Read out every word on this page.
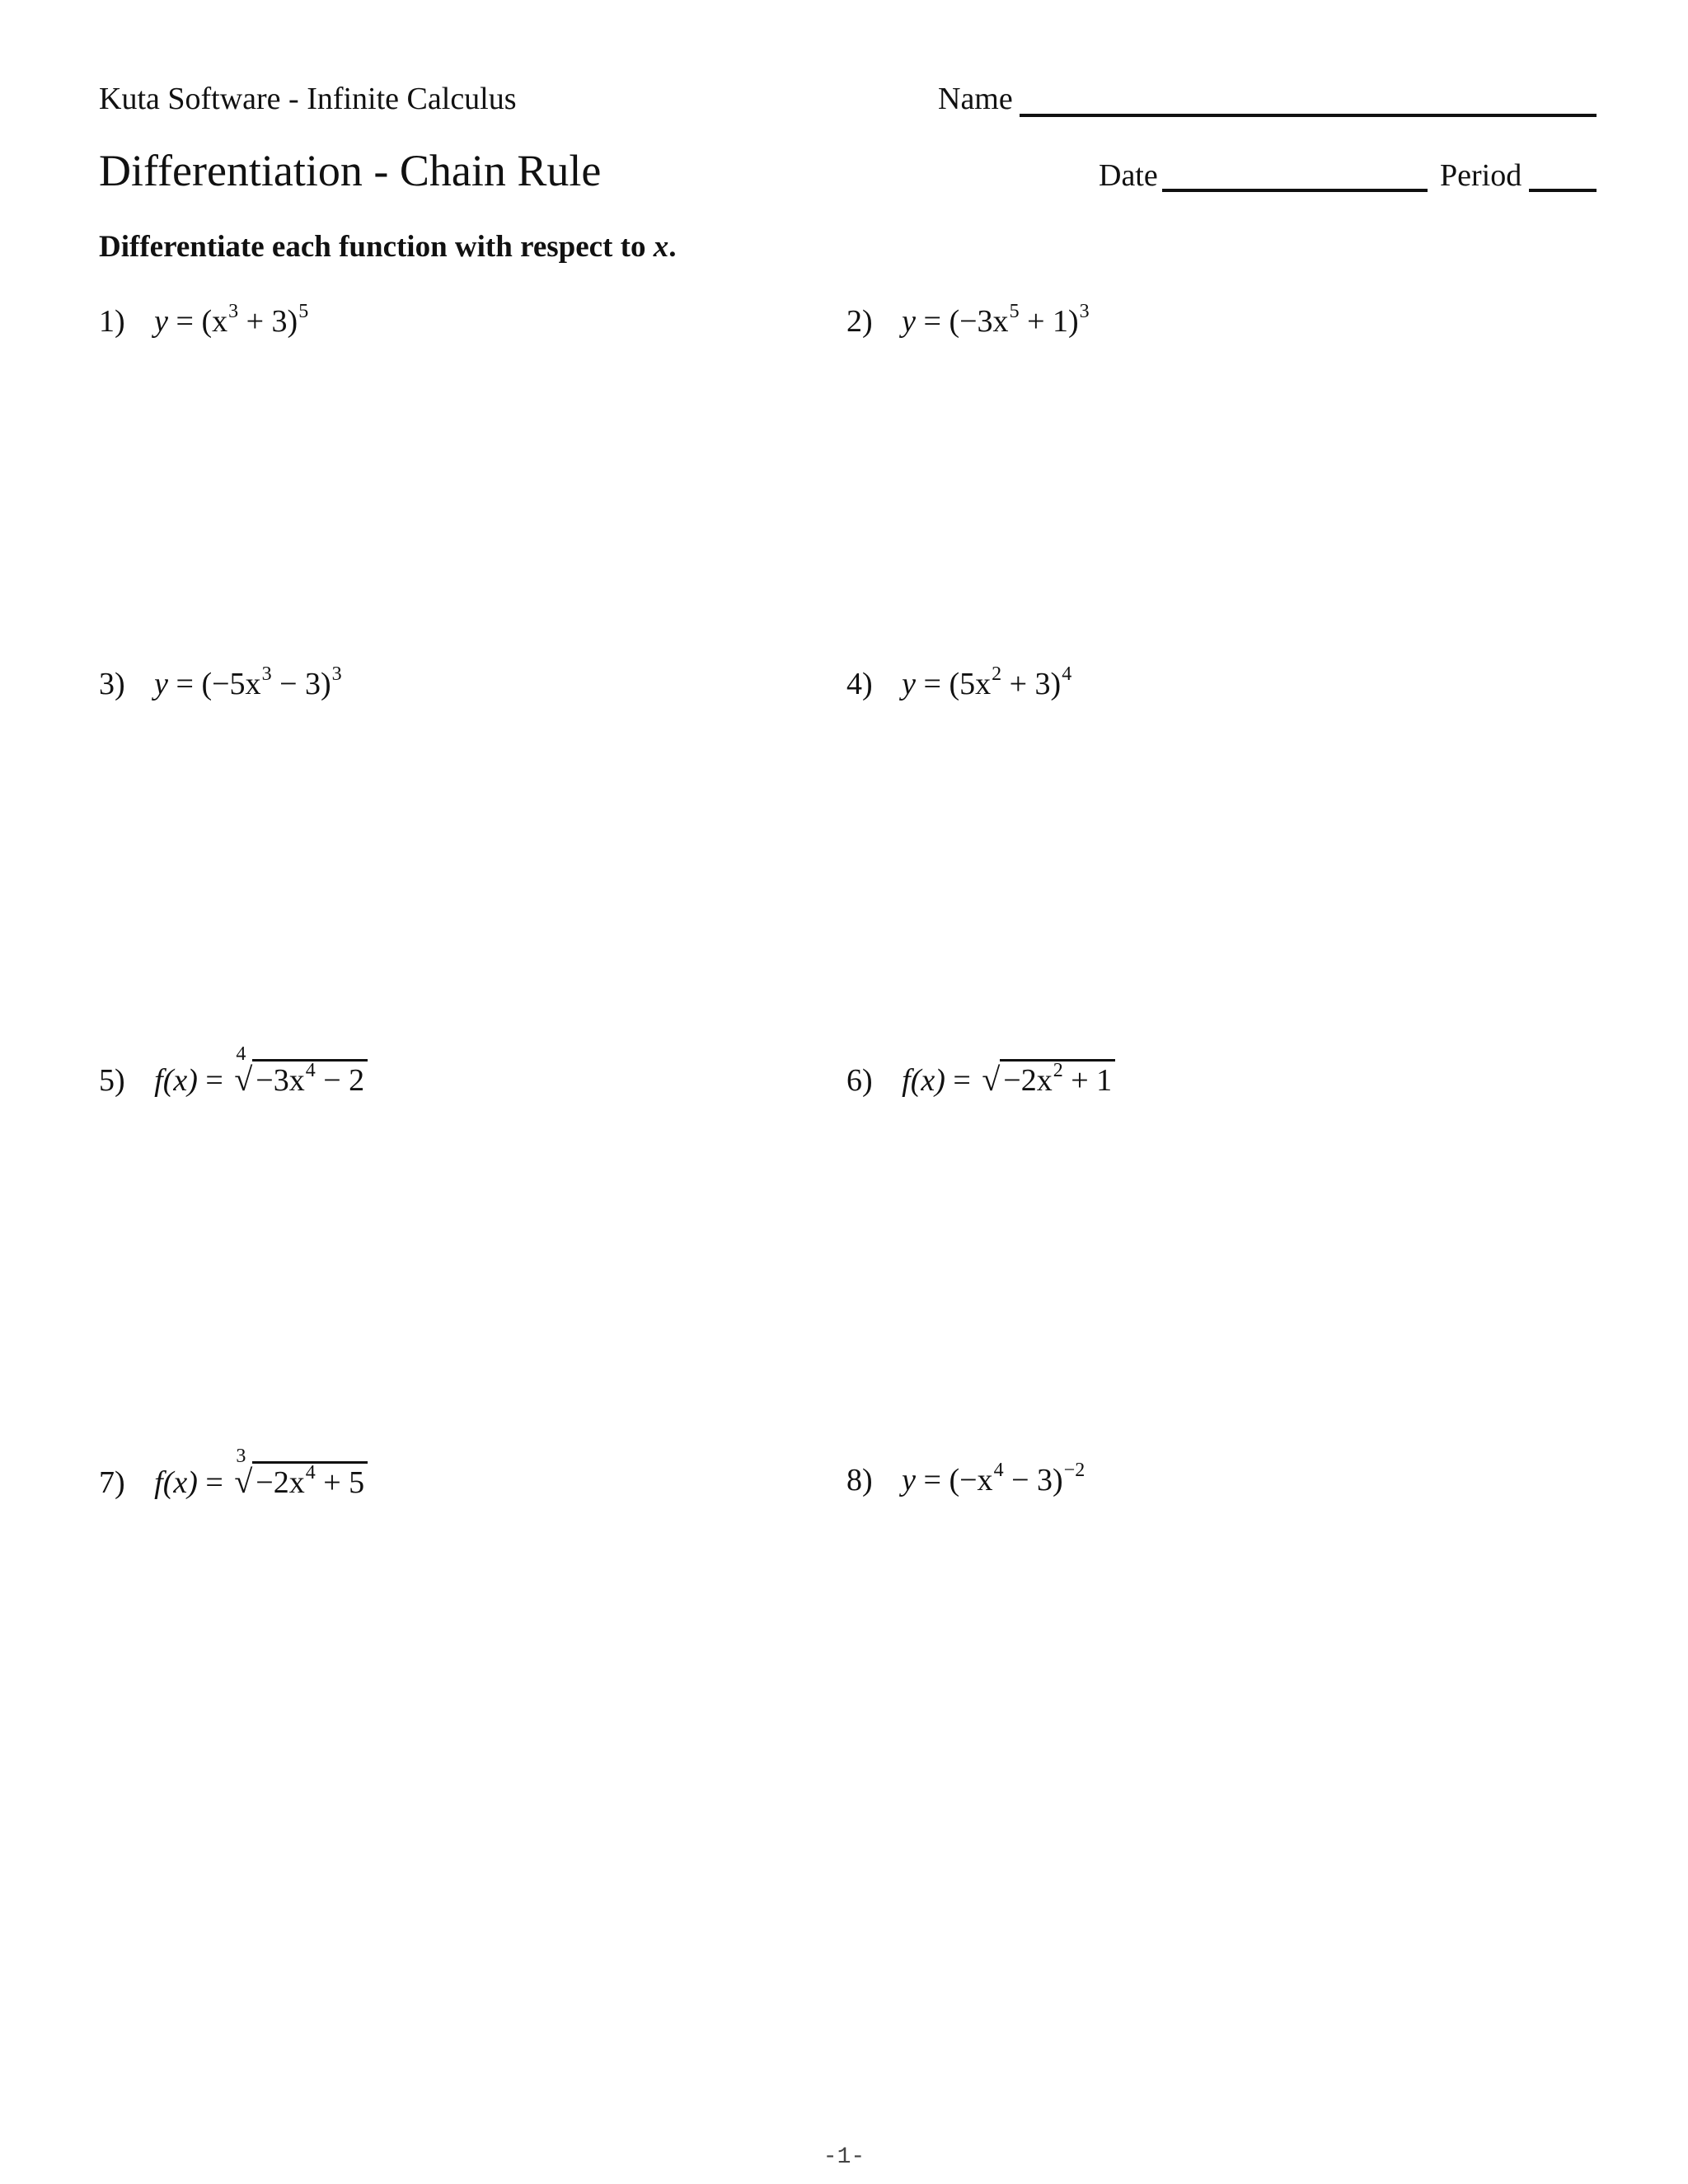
Kuta Software - Infinite Calculus
Differentiation - Chain Rule
Name
Date	Period
Differentiate each function with respect to x.
1) $y = (x^3 + 3)^5$	2) $y = (-3x^5 + 1)^3$
3) $y = (-5x^3 - 3)^3$	4) $y = (5x^2 + 3)^4$
5) f(x) =
4
√ $-3x^4 - 2$	6) f(x) = √ $-2x^2 + 1$
7) f(x) =
3
√ $-2x^4 + 5$	8) $y = (-x^4 - 3)^{-2}$
-1-
